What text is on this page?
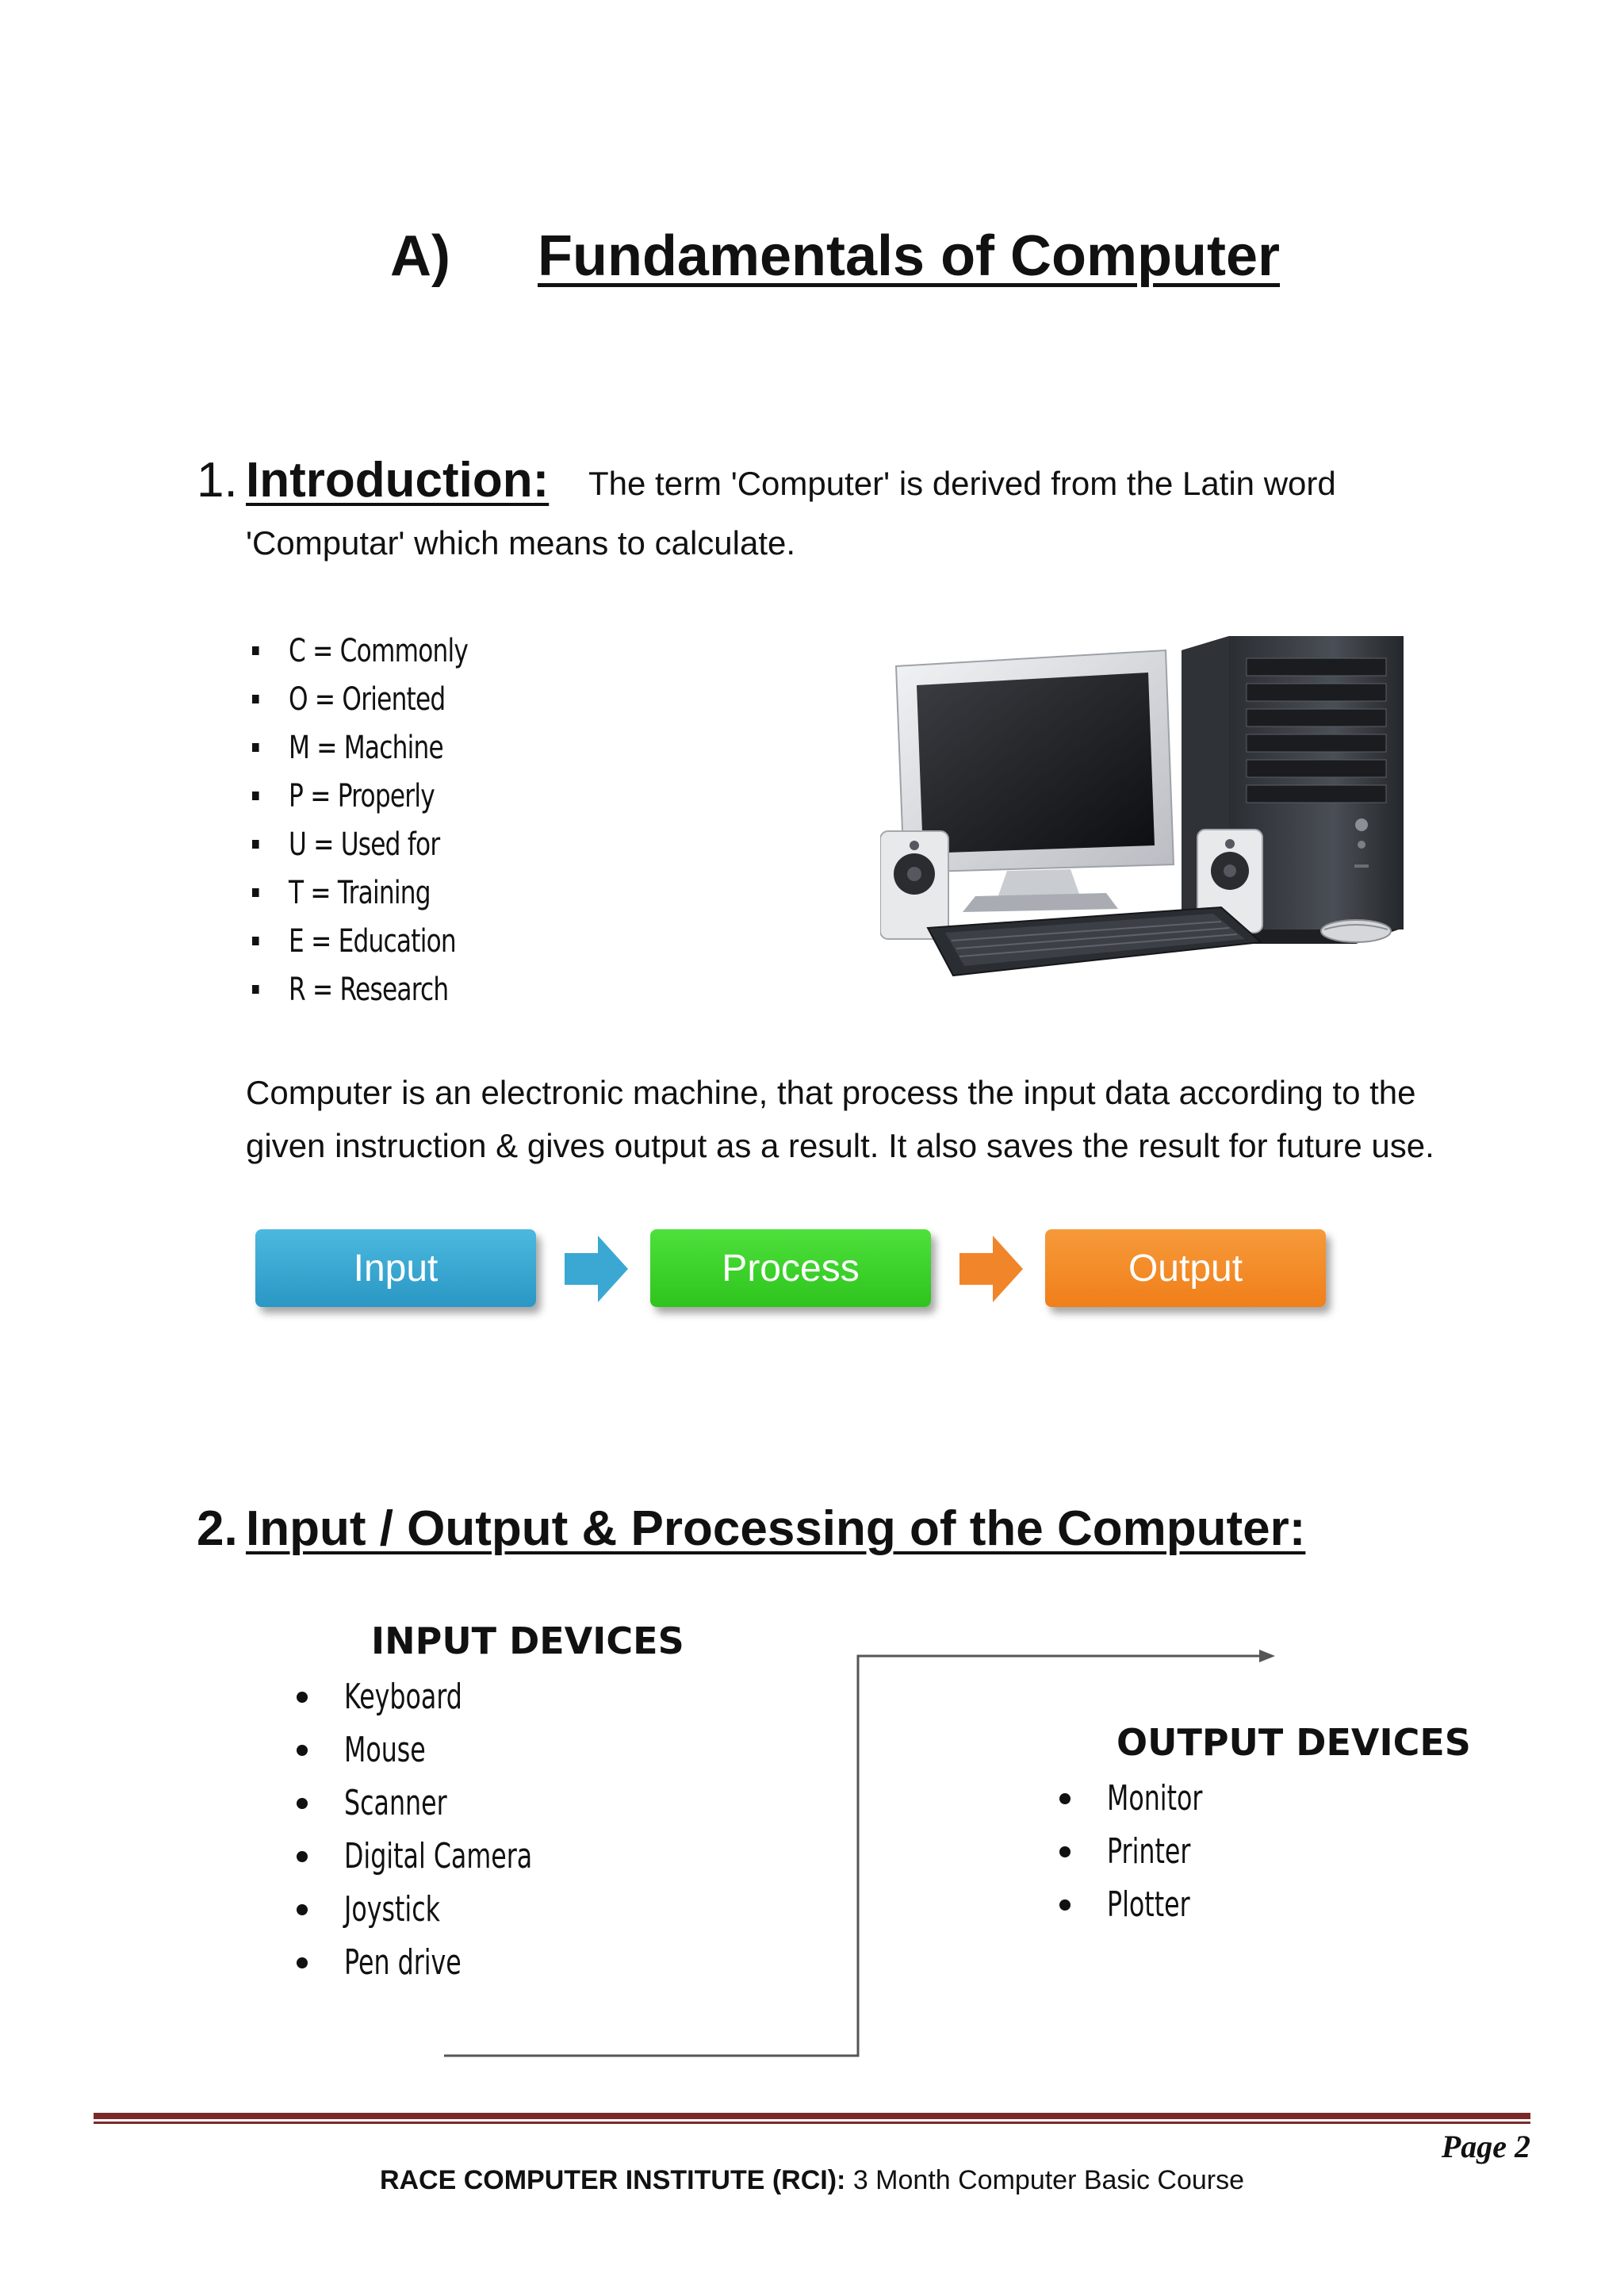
A) Fundamentals of Computer
1. Introduction: The term 'Computer' is derived from the Latin word
'Computar' which means to calculate.
C = Commonly
O = Oriented
M = Machine
P = Properly
U = Used for
T = Training
E = Education
R = Research
Computer is an electronic machine, that process the input data according to the
given instruction & gives output as a result. It also saves the result for future use.
Input	Process	Output
2. Input / Output & Processing of the Computer:
INPUT DEVICES
Keyboard
Mouse
Scanner
Digital Camera
Joystick
Pen drive
OUTPUT DEVICES
Monitor
Printer
Plotter
Page 2
RACE COMPUTER INSTITUTE (RCI): 3 Month Computer Basic Course
